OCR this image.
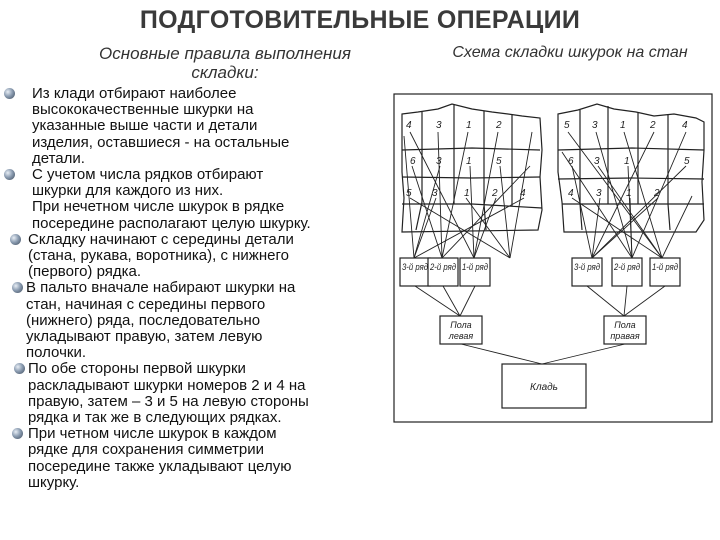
ПОДГОТОВИТЕЛЬНЫЕ ОПЕРАЦИИ
Основные правила выполнения
складки:
Схема складки шкурок на стан
Из клади отбирают наиболее
высококачественные шкурки на
указанные выше части и детали
изделия, оставшиеся - на остальные
детали.
С учетом числа рядков отбирают
шкурки для каждого из них.
При нечетном числе шкурок в рядке
посередине располагают целую шкурку.
Складку начинают с середины детали
(стана, рукава, воротника), с нижнего
(первого) рядка.
В пальто вначале набирают шкурки на
стан, начиная с середины первого
(нижнего) ряда, последовательно
укладывают правую, затем левую
полочки.
По обе стороны первой шкурки
раскладывают шкурки номеров 2 и 4 на
правую, затем – 3 и 5 на левую стороны
рядка и так же в следующих рядках.
При четном числе шкурок в каждом
рядке для сохранения симметрии
посередине также укладывают целую
шкурку.
4 3 1 2
6 3 1 5
5 3	1 2 4
5 3 1 2	4
6 3 1	5
4 3 1 2
3-й ряд 2-й ряд 1-й ряд	3-й ряд 2-й ряд 1-й ряд
Пола
левая
Пола
правая
Кладь
